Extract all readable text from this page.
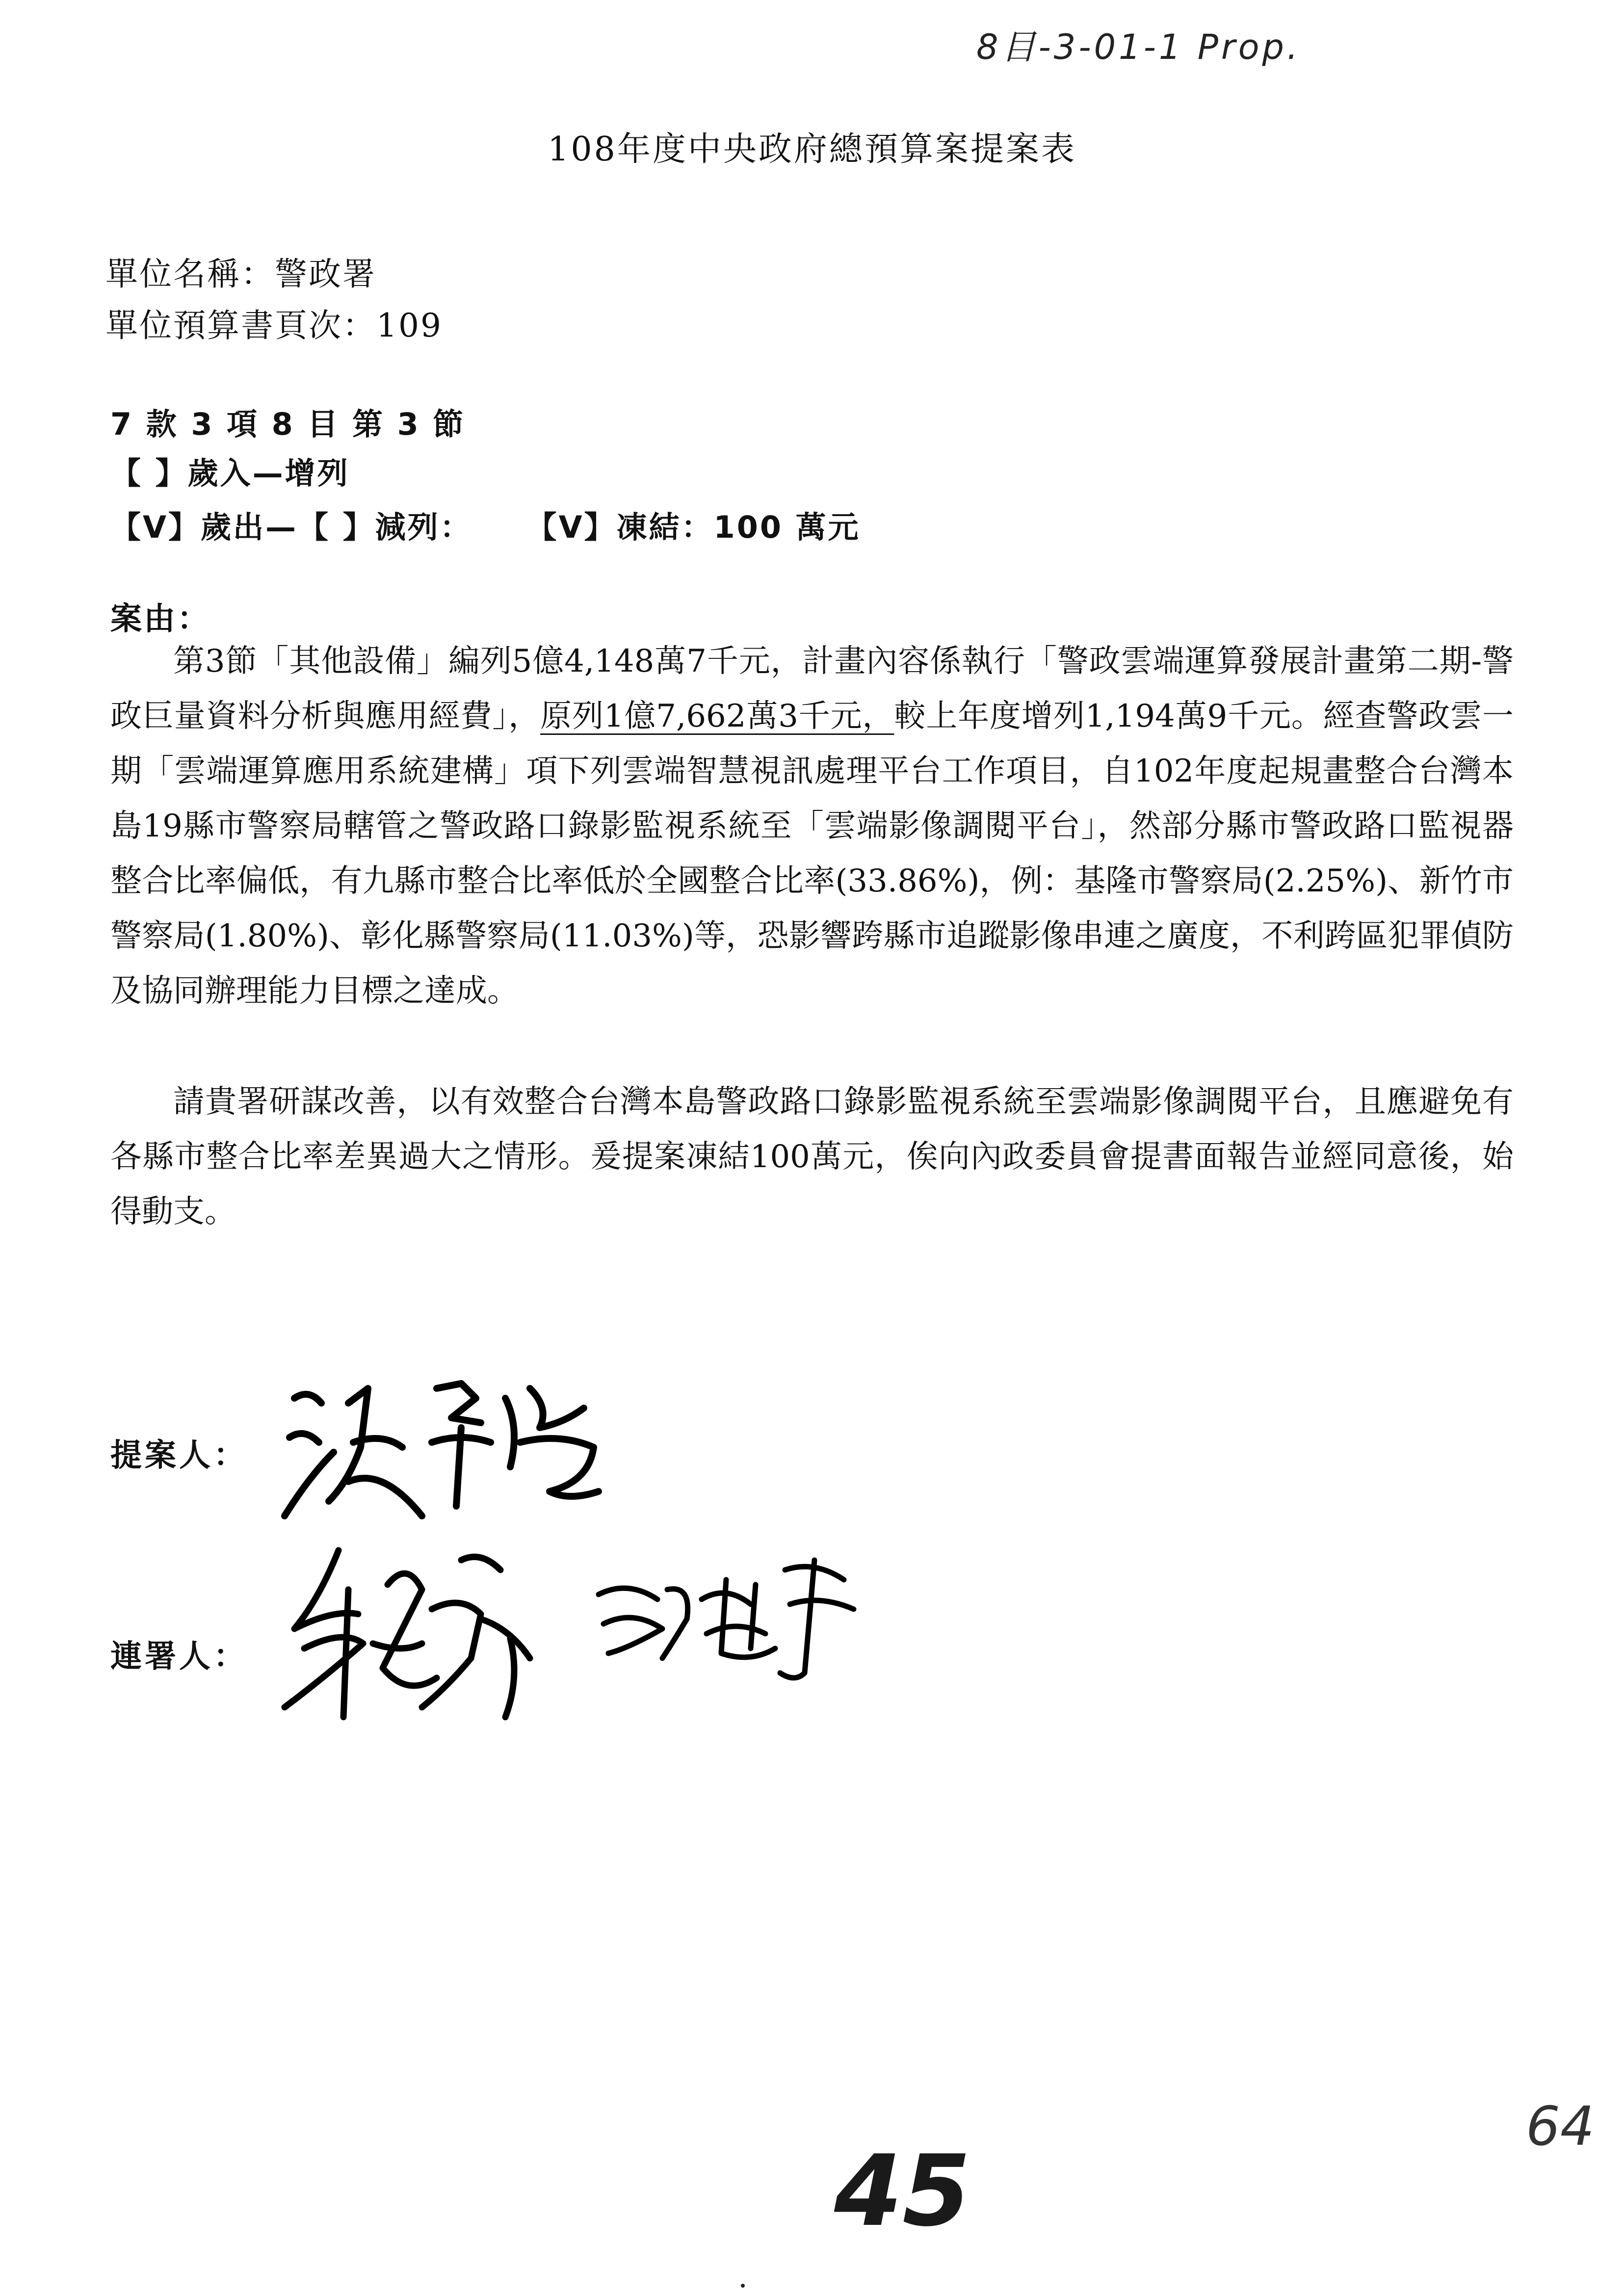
8目-3-01-1 Prop.
108年度中央政府總預算案提案表
單位名稱：警政署
單位預算書頁次：109
7 款 3 項 8 目 第 3 節
【 】歲入—增列
【V】歲出—【 】減列： 【V】凍結：100 萬元
案由：

第3節「其他設備」編列5億4,148萬7千元，計畫內容係執行「警政雲端運算發展計畫第二期-警政巨量資料分析與應用經費」，原列1億7,662萬3千元，較上年度增列1,194萬9千元。經查警政雲一期「雲端運算應用系統建構」項下列雲端智慧視訊處理平台工作項目，自102年度起規畫整合台灣本島19縣市警察局轄管之警政路口錄影監視系統至「雲端影像調閱平台」，然部分縣市警政路口監視器整合比率偏低，有九縣市整合比率低於全國整合比率(33.86%)，例：基隆市警察局(2.25%)、新竹市警察局(1.80%)、彰化縣警察局(11.03%)等，恐影響跨縣市追蹤影像串連之廣度，不利跨區犯罪偵防及協同辦理能力目標之達成。

請貴署研謀改善，以有效整合台灣本島警政路口錄影監視系統至雲端影像調閱平台，且應避免有各縣市整合比率差異過大之情形。爰提案凍結100萬元，俟向內政委員會提書面報告並經同意後，始得動支。

提案人：
連署人：
45
64
